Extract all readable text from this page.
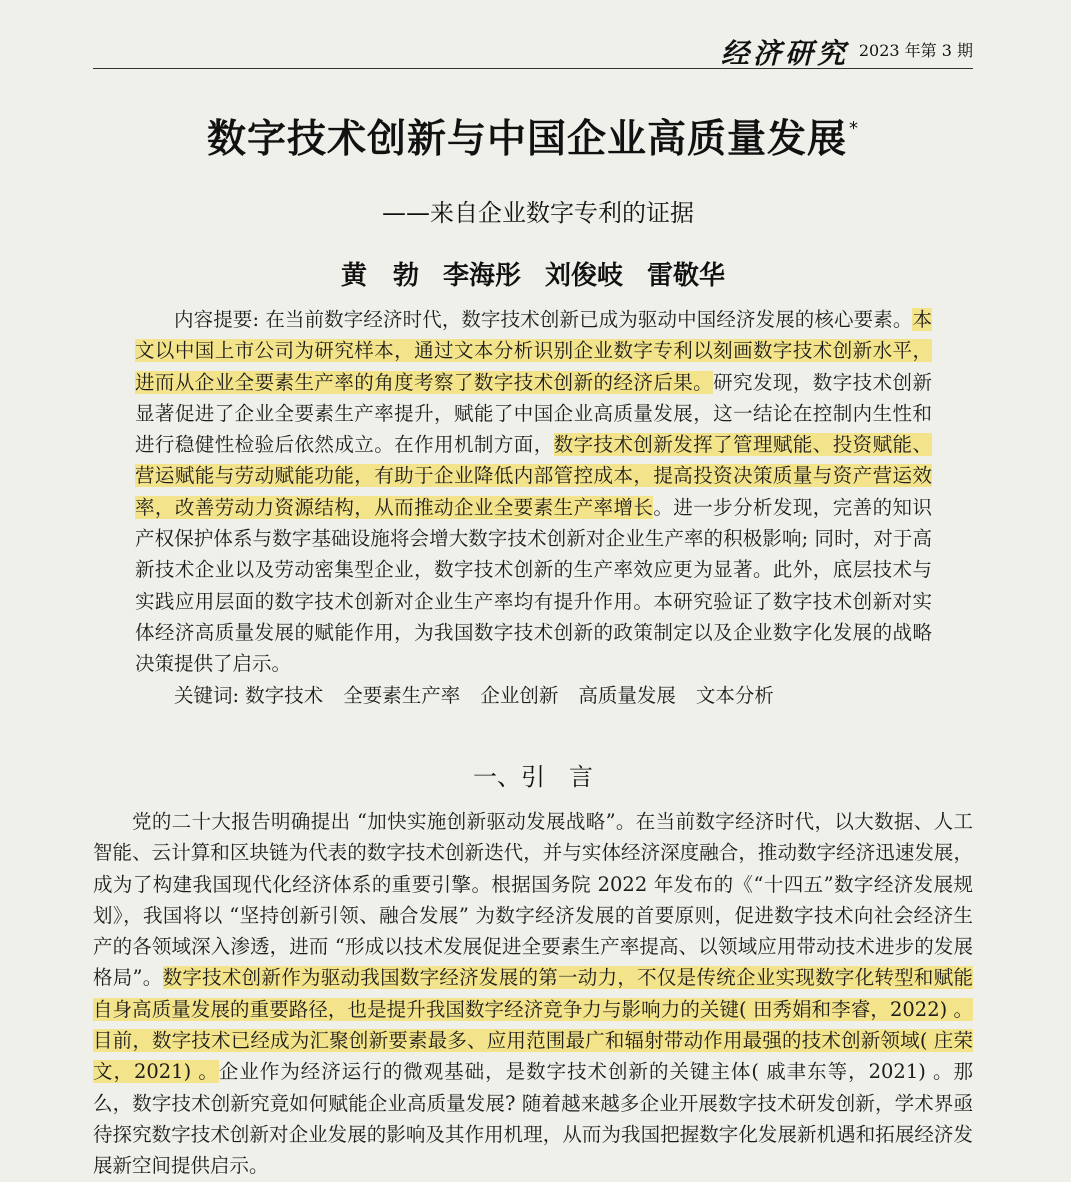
经济研究 2023 年第 3 期
数字技术创新与中国企业高质量发展 *
——来自企业数字专利的证据
黄　勃 李海彤 刘俊岐 雷敬华

内容提要: 在当前数字经济时代，数字技术创新已成为驱动中国经济发展的核心要素。本文以中国上市公司为研究样本，通过文本分析识别企业数字专利以刻画数字技术创新水平，进而从企业全要素生产率的角度考察了数字技术创新的经济后果。研究发现，数字技术创新显著促进了企业全要素生产率提升，赋能了中国企业高质量发展，这一结论在控制内生性和进行稳健性检验后依然成立。在作用机制方面，数字技术创新发挥了管理赋能、投资赋能、营运赋能与劳动赋能功能，有助于企业降低内部管控成本，提高投资决策质量与资产营运效率，改善劳动力资源结构，从而推动企业全要素生产率增长。进一步分析发现，完善的知识产权保护体系与数字基础设施将会增大数字技术创新对企业生产率的积极影响; 同时，对于高新技术企业以及劳动密集型企业，数字技术创新的生产率效应更为显著。此外，底层技术与实践应用层面的数字技术创新对企业生产率均有提升作用。本研究验证了数字技术创新对实体经济高质量发展的赋能作用，为我国数字技术创新的政策制定以及企业数字化发展的战略决策提供了启示。

关键词: 数字技术 全要素生产率 企业创新 高质量发展 文本分析
一、引　言

党的二十大报告明确提出 “加快实施创新驱动发展战略”。在当前数字经济时代，以大数据、人工智能、云计算和区块链为代表的数字技术创新迭代，并与实体经济深度融合，推动数字经济迅速发展，成为了构建我国现代化经济体系的重要引擎。根据国务院 2022 年发布的《“十四五”数字经济发展规划》，我国将以 “坚持创新引领、融合发展” 为数字经济发展的首要原则，促进数字技术向社会经济生产的各领域深入渗透，进而 “形成以技术发展促进全要素生产率提高、以领域应用带动技术进步的发展格局”。数字技术创新作为驱动我国数字经济发展的第一动力，不仅是传统企业实现数字化转型和赋能自身高质量发展的重要路径，也是提升我国数字经济竞争力与影响力的关键( 田秀娟和李睿，2022) 。目前，数字技术已经成为汇聚创新要素最多、应用范围最广和辐射带动作用最强的技术创新领域( 庄荣文，2021) 。企业作为经济运行的微观基础，是数字技术创新的关键主体( 戚聿东等，2021) 。那么，数字技术创新究竟如何赋能企业高质量发展? 随着越来越多企业开展数字技术研发创新，学术界亟待探究数字技术创新对企业发展的影响及其作用机理，从而为我国把握数字化发展新机遇和拓展经济发展新空间提供启示。
